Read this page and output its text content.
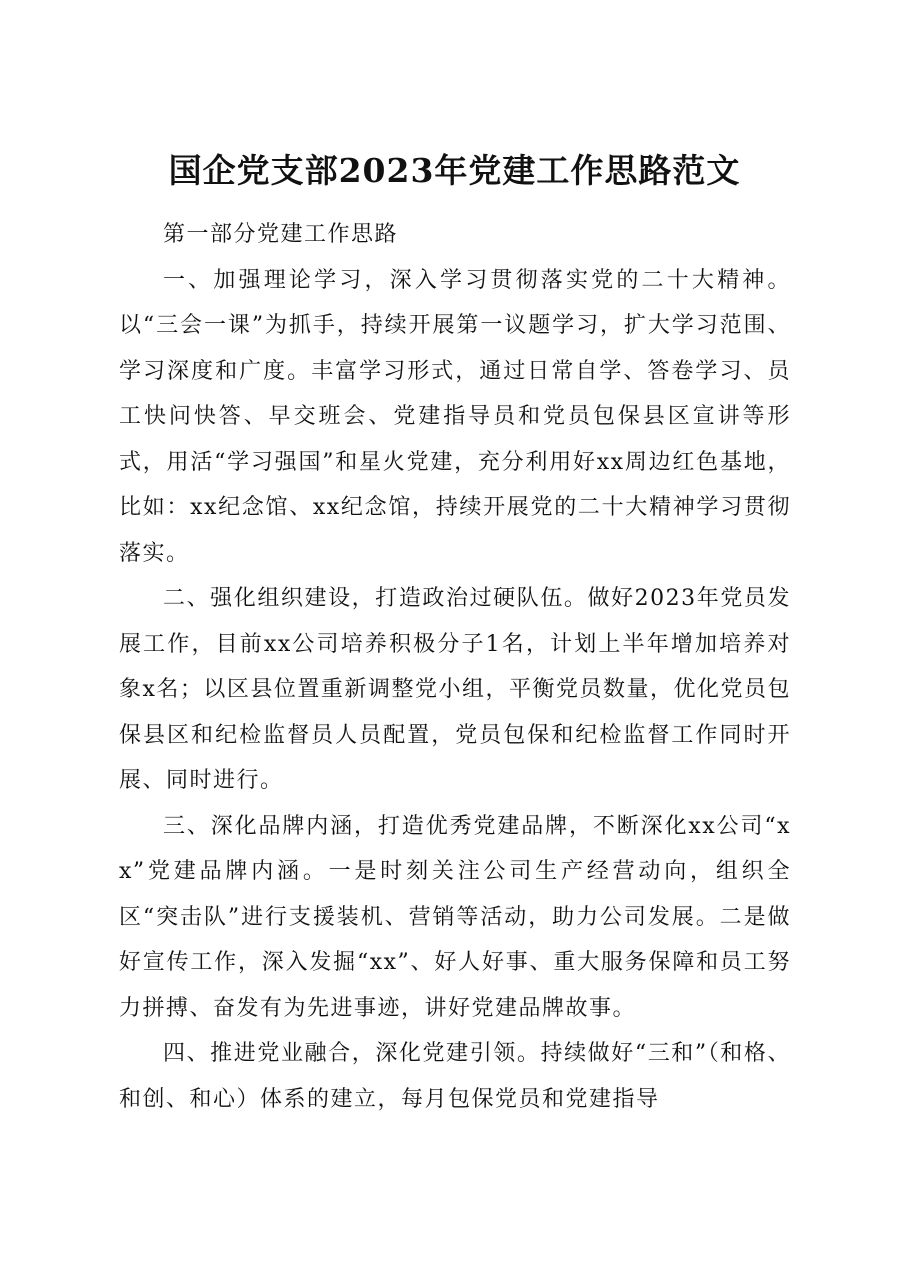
国企党支部2023年党建工作思路范文

第一部分党建工作思路

一、加强理论学习，深入学习贯彻落实党的二十大精神。以“三会一课”为抓手，持续开展第一议题学习，扩大学习范围、学习深度和广度。丰富学习形式，通过日常自学、答卷学习、员工快问快答、早交班会、党建指导员和党员包保县区宣讲等形式，用活“学习强国”和星火党建，充分利用好xx周边红色基地，比如：xx纪念馆、xx纪念馆，持续开展党的二十大精神学习贯彻落实。

二、强化组织建设，打造政治过硬队伍。做好2023年党员发展工作，目前xx公司培养积极分子1名，计划上半年增加培养对象x名；以区县位置重新调整党小组，平衡党员数量，优化党员包保县区和纪检监督员人员配置，党员包保和纪检监督工作同时开展、同时进行。

三、深化品牌内涵，打造优秀党建品牌，不断深化xx公司“xx”党建品牌内涵。一是时刻关注公司生产经营动向，组织全区“突击队”进行支援装机、营销等活动，助力公司发展。二是做好宣传工作，深入发掘“xx”、好人好事、重大服务保障和员工努力拼搏、奋发有为先进事迹，讲好党建品牌故事。

四、推进党业融合，深化党建引领。持续做好“三和”（和格、和创、和心）体系的建立，每月包保党员和党建指导
